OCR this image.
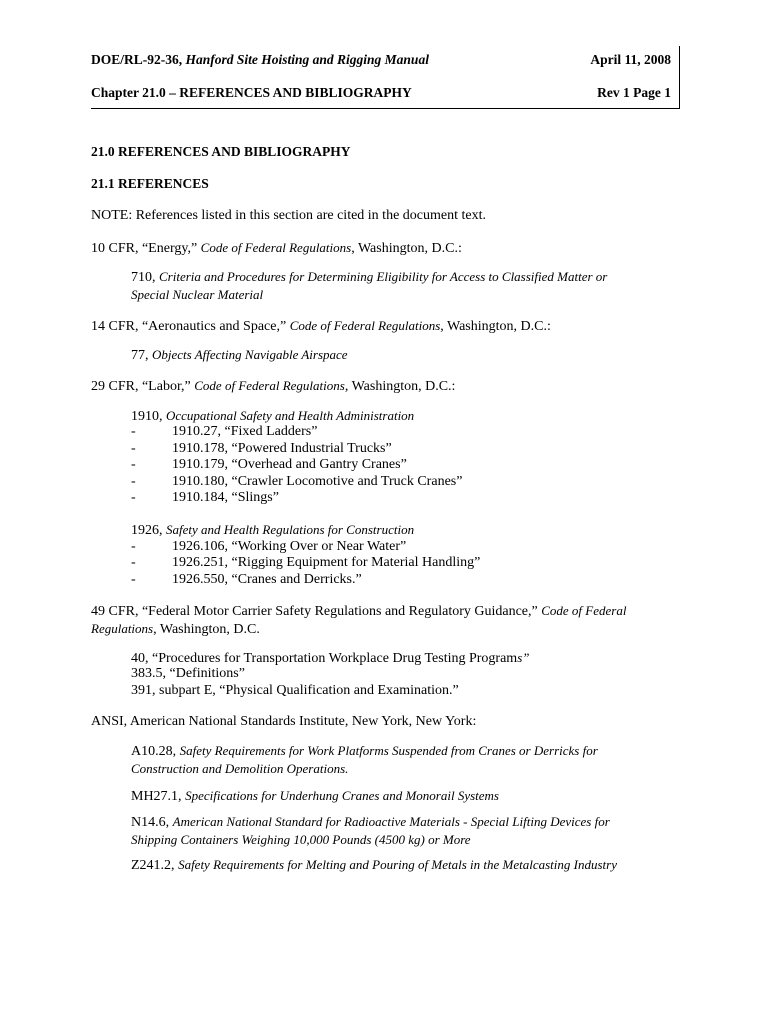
DOE/RL-92-36, Hanford Site Hoisting and Rigging Manual	April 11, 2008
Chapter 21.0 – REFERENCES AND BIBLIOGRAPHY	Rev 1 Page 1
21.0 REFERENCES AND BIBLIOGRAPHY
21.1 REFERENCES
NOTE: References listed in this section are cited in the document text.
10 CFR, “Energy,” Code of Federal Regulations, Washington, D.C.:
710, Criteria and Procedures for Determining Eligibility for Access to Classified Matter or
Special Nuclear Material
14 CFR, “Aeronautics and Space,” Code of Federal Regulations, Washington, D.C.:
77, Objects Affecting Navigable Airspace
29 CFR, “Labor,” Code of Federal Regulations, Washington, D.C.:
1910, Occupational Safety and Health Administration
-	1910.27, “Fixed Ladders”
-	1910.178, “Powered Industrial Trucks”
-	1910.179, “Overhead and Gantry Cranes”
-	1910.180, “Crawler Locomotive and Truck Cranes”
-	1910.184, “Slings”
1926, Safety and Health Regulations for Construction
-	1926.106, “Working Over or Near Water”
-	1926.251, “Rigging Equipment for Material Handling”
-	1926.550, “Cranes and Derricks.”
49 CFR, “Federal Motor Carrier Safety Regulations and Regulatory Guidance,” Code of Federal
Regulations, Washington, D.C.
40, “Procedures for Transportation Workplace Drug Testing Programs”
383.5, “Definitions”
391, subpart E, “Physical Qualification and Examination.”
ANSI, American National Standards Institute, New York, New York:
A10.28, Safety Requirements for Work Platforms Suspended from Cranes or Derricks for
Construction and Demolition Operations.
MH27.1, Specifications for Underhung Cranes and Monorail Systems
N14.6, American National Standard for Radioactive Materials - Special Lifting Devices for
Shipping Containers Weighing 10,000 Pounds (4500 kg) or More
Z241.2, Safety Requirements for Melting and Pouring of Metals in the Metalcasting Industry
